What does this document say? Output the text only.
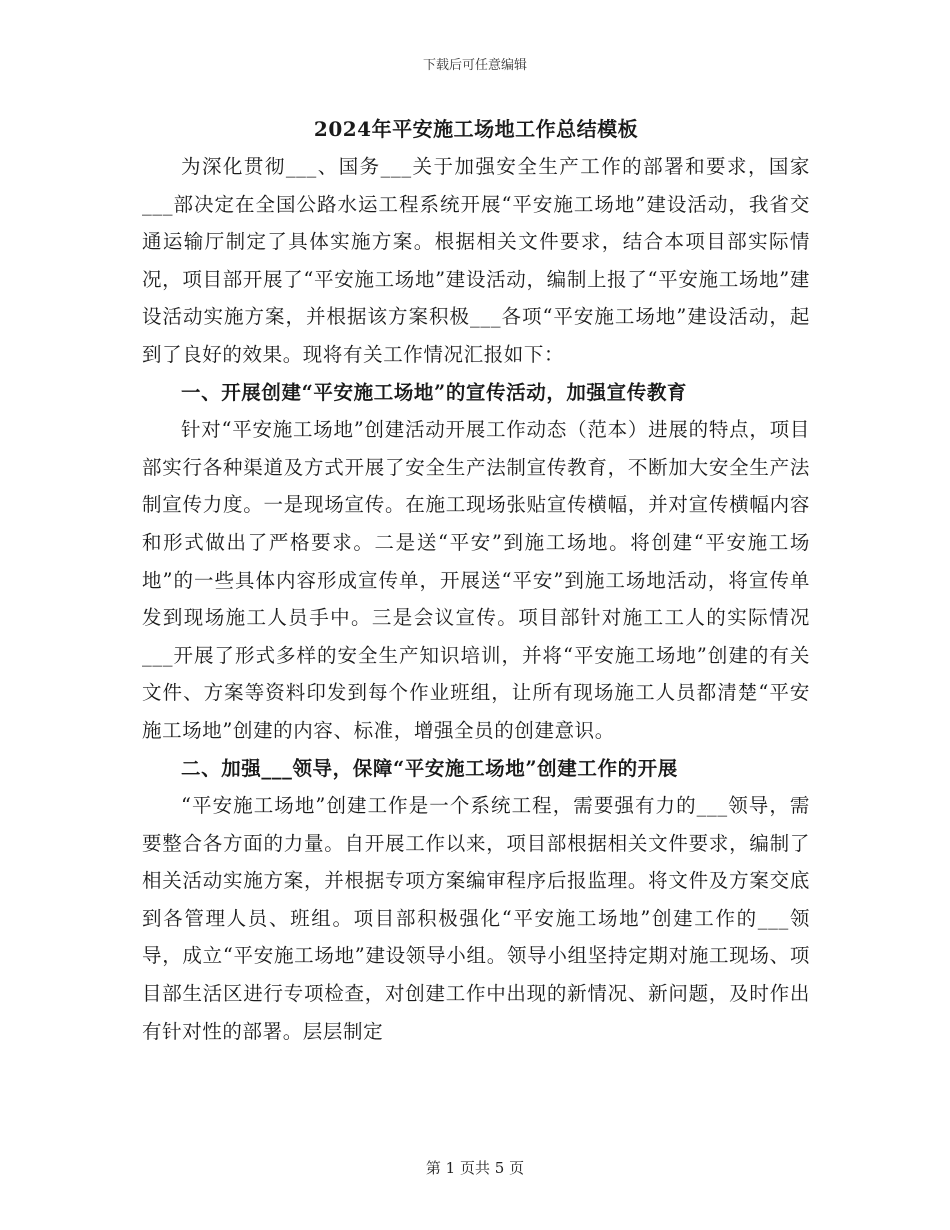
下载后可任意编辑
2024年平安施工场地工作总结模板

为深化贯彻___、国务___关于加强安全生产工作的部署和要求，国家___部决定在全国公路水运工程系统开展“平安施工场地”建设活动，我省交通运输厅制定了具体实施方案。根据相关文件要求，结合本项目部实际情况，项目部开展了“平安施工场地”建设活动，编制上报了“平安施工场地”建设活动实施方案，并根据该方案积极___各项“平安施工场地”建设活动，起到了良好的效果。现将有关工作情况汇报如下：

一、开展创建“平安施工场地”的宣传活动，加强宣传教育

针对“平安施工场地”创建活动开展工作动态（范本）进展的特点，项目部实行各种渠道及方式开展了安全生产法制宣传教育，不断加大安全生产法制宣传力度。一是现场宣传。在施工现场张贴宣传横幅，并对宣传横幅内容和形式做出了严格要求。二是送“平安”到施工场地。将创建“平安施工场地”的一些具体内容形成宣传单，开展送“平安”到施工场地活动，将宣传单发到现场施工人员手中。三是会议宣传。项目部针对施工工人的实际情况___开展了形式多样的安全生产知识培训，并将“平安施工场地”创建的有关文件、方案等资料印发到每个作业班组，让所有现场施工人员都清楚“平安施工场地”创建的内容、标准，增强全员的创建意识。

二、加强___领导，保障“平安施工场地”创建工作的开展

“平安施工场地”创建工作是一个系统工程，需要强有力的___领导，需要整合各方面的力量。自开展工作以来，项目部根据相关文件要求，编制了相关活动实施方案，并根据专项方案编审程序后报监理。将文件及方案交底到各管理人员、班组。项目部积极强化“平安施工场地”创建工作的___领导，成立“平安施工场地”建设领导小组。领导小组坚持定期对施工现场、项目部生活区进行专项检查，对创建工作中出现的新情况、新问题，及时作出有针对性的部署。层层制定

第 1 页共 5 页
